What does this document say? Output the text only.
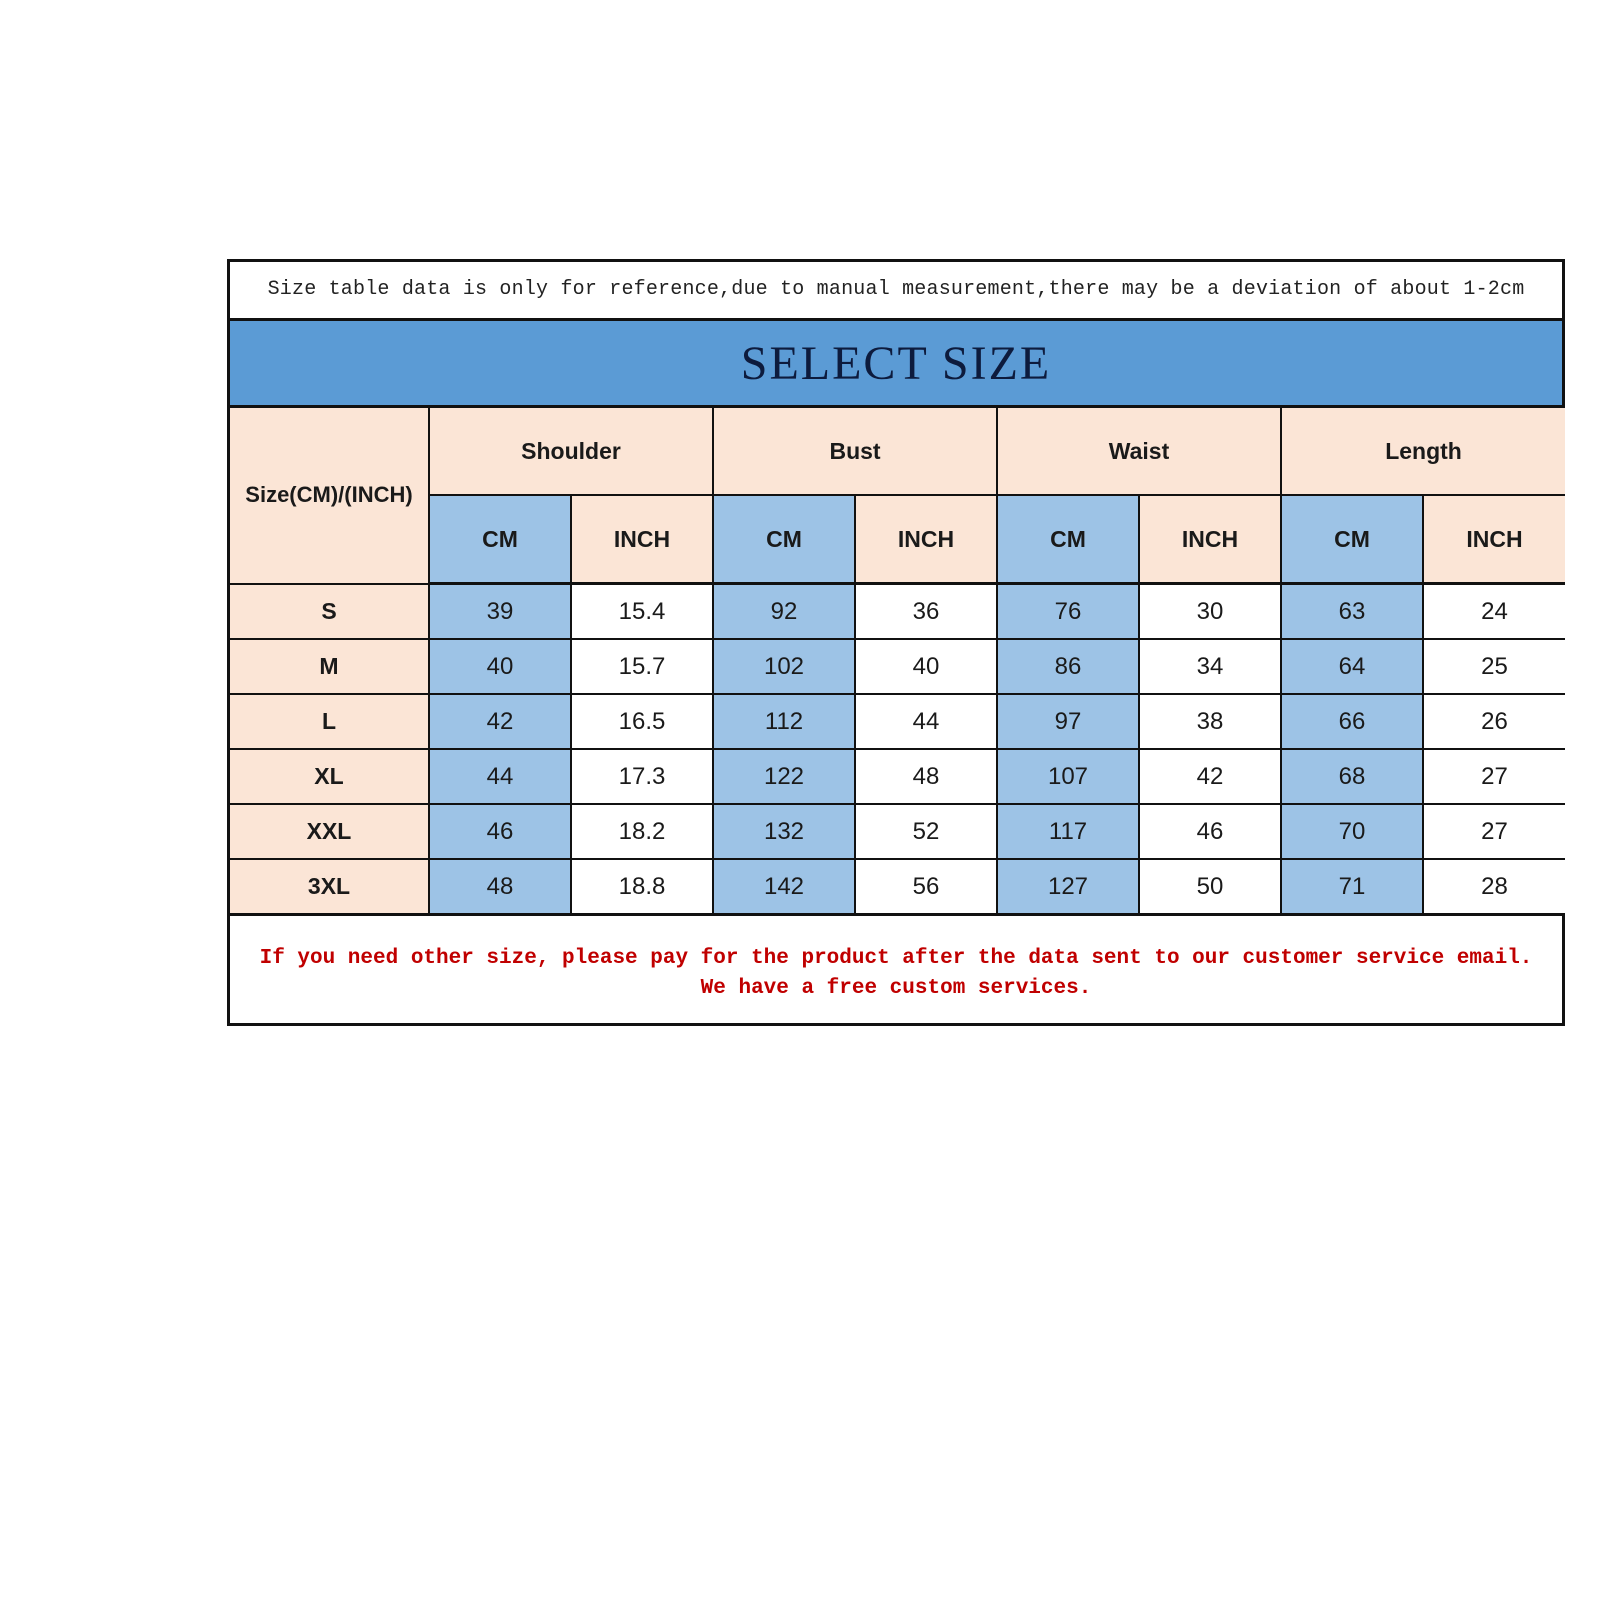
Size table data is only for reference,due to manual measurement,there may be a deviation of about 1-2cm
SELECT SIZE
Size(CM)/(INCH)	Shoulder		Bust		Waist		Length	
	CM	INCH	CM	INCH	CM	INCH	CM	INCH
S	39	15.4	92	36	76	30	63	24
M	40	15.7	102	40	86	34	64	25
L	42	16.5	112	44	97	38	66	26
XL	44	17.3	122	48	107	42	68	27
XXL	46	18.2	132	52	117	46	70	27
3XL	48	18.8	142	56	127	50	71	28
If you need other size, please pay for the product after the data sent to our customer service email.
We have a free custom services.
